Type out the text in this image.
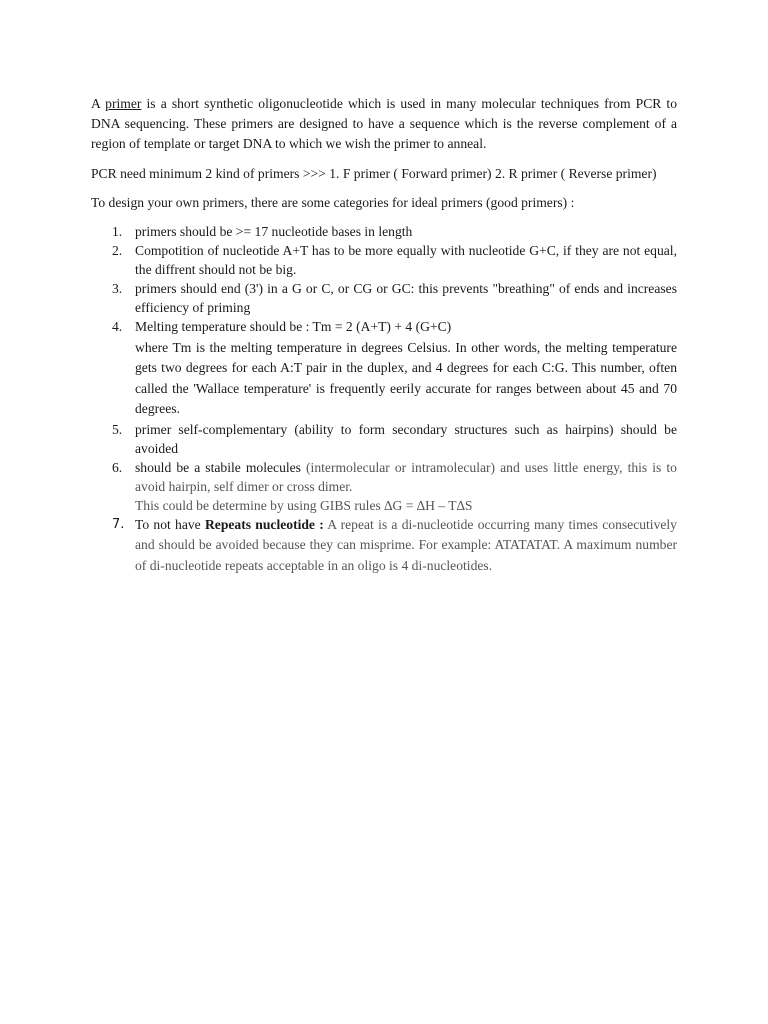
A primer is a short synthetic oligonucleotide which is used in many molecular techniques from PCR to DNA sequencing. These primers are designed to have a sequence which is the reverse complement of a region of template or target DNA to which we wish the primer to anneal.

PCR need minimum 2 kind of primers >>> 1. F primer ( Forward primer) 2. R primer ( Reverse primer)

To design your own primers, there are some categories for ideal primers (good primers) :

1. primers should be >= 17 nucleotide bases in length
2. Compotition of nucleotide A+T has to be more equally with nucleotide G+C, if they are not equal, the diffrent should not be big.
3. primers should end (3') in a G or C, or CG or GC: this prevents "breathing" of ends and increases efficiency of priming
4. Melting temperature should be : Tm = 2 (A+T) + 4 (G+C)
where Tm is the melting temperature in degrees Celsius. In other words, the melting temperature gets two degrees for each A:T pair in the duplex, and 4 degrees for each C:G. This number, often called the 'Wallace temperature' is frequently eerily accurate for ranges between about 45 and 70 degrees.
5. primer self-complementary (ability to form secondary structures such as hairpins) should be avoided
6. should be a stabile molecules (intermolecular or intramolecular) and uses little energy, this is to avoid hairpin, self dimer or cross dimer.
This could be determine by using GIBS rules ∆G = ∆H – T∆S
7. To not have Repeats nucleotide : A repeat is a di-nucleotide occurring many times consecutively and should be avoided because they can misprime. For example: ATATATAT. A maximum number of di-nucleotide repeats acceptable in an oligo is 4 di-nucleotides.
